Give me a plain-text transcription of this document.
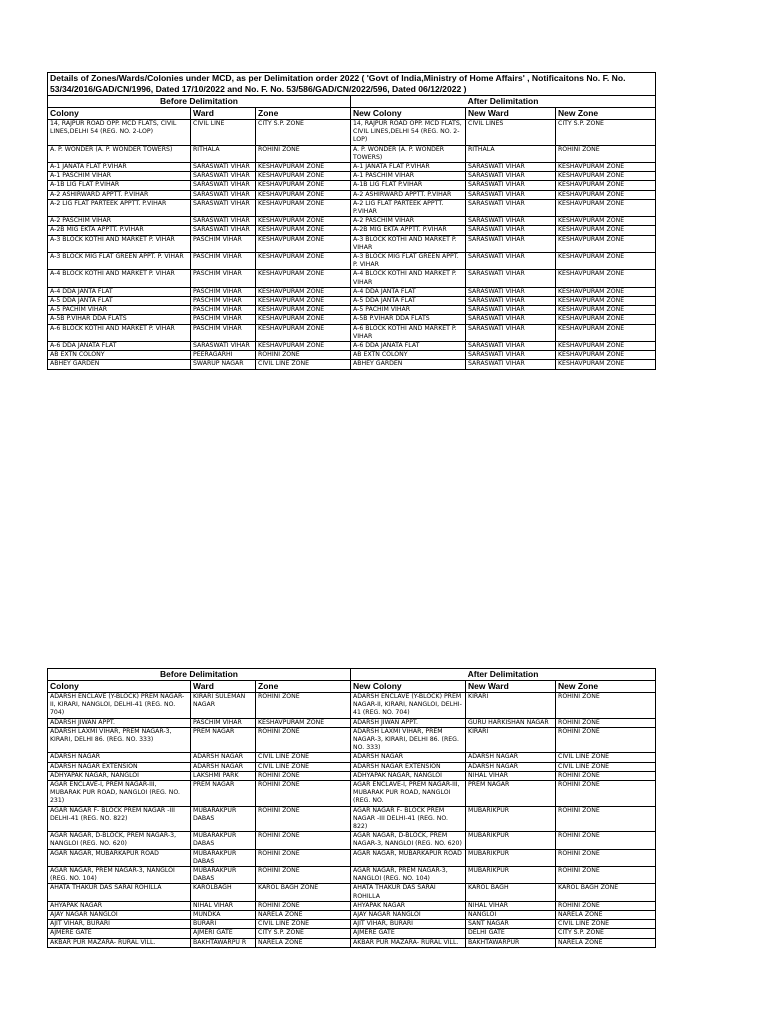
Details of Zones/Wards/Colonies under MCD, as per Delimitation order 2022 ( 'Govt of India,Ministry of Home Affairs' , Notificaitons No. F. No. 53/34/2016/GAD/CN/1996, Dated 17/10/2022 and No. F. No. 53/586/GAD/CN/2022/596, Dated 06/12/2022 )					
Before Delimitation			After Delimitation		
Colony	Ward	Zone	New Colony	New Ward	New Zone
14, RAJPUR ROAD OPP. MCD FLATS, CIVIL LINES,DELHI 54 (REG. NO. 2-LOP)	CIVIL LINE	CITY S.P. ZONE	14, RAJPUR ROAD OPP. MCD FLATS, CIVIL LINES,DELHI 54 (REG. NO. 2-LOP)	CIVIL LINES	CITY S.P. ZONE
A. P. WONDER (A. P. WONDER TOWERS)	RITHALA	ROHINI ZONE	A. P. WONDER (A. P. WONDER TOWERS)	RITHALA	ROHINI ZONE
A-1 JANATA FLAT P.VIHAR	SARASWATI VIHAR	KESHAVPURAM ZONE	A-1 JANATA FLAT P.VIHAR	SARASWATI VIHAR	KESHAVPURAM ZONE
A-1 PASCHIM VIHAR	SARASWATI VIHAR	KESHAVPURAM ZONE	A-1 PASCHIM VIHAR	SARASWATI VIHAR	KESHAVPURAM ZONE
A-1B LIG FLAT P.VIHAR	SARASWATI VIHAR	KESHAVPURAM ZONE	A-1B LIG FLAT P.VIHAR	SARASWATI VIHAR	KESHAVPURAM ZONE
A-2 ASHIRWARD APPTT. P.VIHAR	SARASWATI VIHAR	KESHAVPURAM ZONE	A-2 ASHIRWARD APPTT. P.VIHAR	SARASWATI VIHAR	KESHAVPURAM ZONE
A-2 LIG FLAT PARTEEK APPTT. P.VIHAR	SARASWATI VIHAR	KESHAVPURAM ZONE	A-2 LIG FLAT PARTEEK APPTT. P.VIHAR	SARASWATI VIHAR	KESHAVPURAM ZONE
A-2 PASCHIM VIHAR	SARASWATI VIHAR	KESHAVPURAM ZONE	A-2 PASCHIM VIHAR	SARASWATI VIHAR	KESHAVPURAM ZONE
A-2B MIG EKTA APPTT. P.VIHAR	SARASWATI VIHAR	KESHAVPURAM ZONE	A-2B MIG EKTA APPTT. P.VIHAR	SARASWATI VIHAR	KESHAVPURAM ZONE
A-3 BLOCK KOTHI AND MARKET P. VIHAR	PASCHIM VIHAR	KESHAVPURAM ZONE	A-3 BLOCK KOTHI AND MARKET P. VIHAR	SARASWATI VIHAR	KESHAVPURAM ZONE
A-3 BLOCK MIG FLAT GREEN APPT. P. VIHAR	PASCHIM VIHAR	KESHAVPURAM ZONE	A-3 BLOCK MIG FLAT GREEN APPT. P. VIHAR	SARASWATI VIHAR	KESHAVPURAM ZONE
A-4 BLOCK KOTHI AND MARKET P. VIHAR	PASCHIM VIHAR	KESHAVPURAM ZONE	A-4 BLOCK KOTHI AND MARKET P. VIHAR	SARASWATI VIHAR	KESHAVPURAM ZONE
A-4 DDA JANTA FLAT	PASCHIM VIHAR	KESHAVPURAM ZONE	A-4 DDA JANTA FLAT	SARASWATI VIHAR	KESHAVPURAM ZONE
A-5 DDA JANTA FLAT	PASCHIM VIHAR	KESHAVPURAM ZONE	A-5 DDA JANTA FLAT	SARASWATI VIHAR	KESHAVPURAM ZONE
A-5 PACHIM VIHAR	PASCHIM VIHAR	KESHAVPURAM ZONE	A-5 PACHIM VIHAR	SARASWATI VIHAR	KESHAVPURAM ZONE
A-5B P.VIHAR DDA FLATS	PASCHIM VIHAR	KESHAVPURAM ZONE	A-5B P.VIHAR DDA FLATS	SARASWATI VIHAR	KESHAVPURAM ZONE
A-6 BLOCK KOTHI AND MARKET P. VIHAR	PASCHIM VIHAR	KESHAVPURAM ZONE	A-6 BLOCK KOTHI AND MARKET P. VIHAR	SARASWATI VIHAR	KESHAVPURAM ZONE
A-6 DDA JANATA FLAT	SARASWATI VIHAR	KESHAVPURAM ZONE	A-6 DDA JANATA FLAT	SARASWATI VIHAR	KESHAVPURAM ZONE
AB EXTN COLONY	PEERAGARHI	ROHINI ZONE	AB EXTN COLONY	SARASWATI VIHAR	KESHAVPURAM ZONE
ABHEY GARDEN	SWARUP NAGAR	CIVIL LINE ZONE	ABHEY GARDEN	SARASWATI VIHAR	KESHAVPURAM ZONE
Before Delimitation			After Delimitation		
Colony	Ward	Zone	New Colony	New Ward	New Zone
ADARSH ENCLAVE (Y-BLOCK) PREM NAGAR-II, KIRARI, NANGLOI, DELHI-41 (REG. NO. 704)	KIRARI SULEMAN NAGAR	ROHINI ZONE	ADARSH ENCLAVE (Y-BLOCK) PREM NAGAR-II, KIRARI, NANGLOI, DELHI-41 (REG. NO. 704)	KIRARI	ROHINI ZONE
ADARSH JIWAN APPT.	PASCHIM VIHAR	KESHAVPURAM ZONE	ADARSH JIWAN APPT.	GURU HARKISHAN NAGAR	ROHINI ZONE
ADARSH LAXMI VIHAR, PREM NAGAR-3, KIRARI, DELHI 86. (REG. NO. 333)	PREM NAGAR	ROHINI ZONE	ADARSH LAXMI VIHAR, PREM NAGAR-3, KIRARI, DELHI 86. (REG. NO. 333)	KIRARI	ROHINI ZONE
ADARSH NAGAR	ADARSH NAGAR	CIVIL LINE ZONE	ADARSH NAGAR	ADARSH NAGAR	CIVIL LINE ZONE
ADARSH NAGAR EXTENSION	ADARSH NAGAR	CIVIL LINE ZONE	ADARSH NAGAR EXTENSION	ADARSH NAGAR	CIVIL LINE ZONE
ADHYAPAK NAGAR, NANGLOI	LAKSHMI PARK	ROHINI ZONE	ADHYAPAK NAGAR, NANGLOI	NIHAL VIHAR	ROHINI ZONE
AGAR ENCLAVE-I, PREM NAGAR-III, MUBARAK PUR ROAD, NANGLOI (REG. NO. 231)	PREM NAGAR	ROHINI ZONE	AGAR ENCLAVE-I, PREM NAGAR-III, MUBARAK PUR ROAD, NANGLOI (REG. NO.	PREM NAGAR	ROHINI ZONE
AGAR NAGAR F- BLOCK PREM NAGAR -III DELHI-41 (REG. NO. 822)	MUBARAKPUR DABAS	ROHINI ZONE	AGAR NAGAR F- BLOCK PREM NAGAR -III DELHI-41 (REG. NO. 822)	MUBARIKPUR	ROHINI ZONE
AGAR NAGAR, D-BLOCK, PREM NAGAR-3, NANGLOI (REG. NO. 620)	MUBARAKPUR DABAS	ROHINI ZONE	AGAR NAGAR, D-BLOCK, PREM NAGAR-3, NANGLOI (REG. NO. 620)	MUBARIKPUR	ROHINI ZONE
AGAR NAGAR, MUBARKAPUR ROAD	MUBARAKPUR DABAS	ROHINI ZONE	AGAR NAGAR, MUBARKAPUR ROAD	MUBARIKPUR	ROHINI ZONE
AGAR NAGAR, PREM NAGAR-3, NANGLOI (REG. NO. 104)	MUBARAKPUR DABAS	ROHINI ZONE	AGAR NAGAR, PREM NAGAR-3, NANGLOI (REG. NO. 104)	MUBARIKPUR	ROHINI ZONE
AHATA THAKUR DAS SARAI ROHILLA	KAROLBAGH	KAROL BAGH ZONE	AHATA THAKUR DAS SARAI ROHILLA	KAROL BAGH	KAROL BAGH ZONE
AHYAPAK NAGAR	NIHAL VIHAR	ROHINI ZONE	AHYAPAK NAGAR	NIHAL VIHAR	ROHINI ZONE
AJAY NAGAR NANGLOI	MUNDKA	NARELA ZONE	AJAY NAGAR NANGLOI	NANGLOI	NARELA ZONE
AJIT VIHAR, BURARI	BURARI	CIVIL LINE ZONE	AJIT VIHAR, BURARI	SANT NAGAR	CIVIL LINE ZONE
AJMERE GATE	AJMERI GATE	CITY S.P. ZONE	AJMERE GATE	DELHI GATE	CITY S.P. ZONE
AKBAR PUR MAZARA- RURAL VILL.	BAKHTAWARPU R	NARELA ZONE	AKBAR PUR MAZARA- RURAL VILL.	BAKHTAWARPUR	NARELA ZONE
